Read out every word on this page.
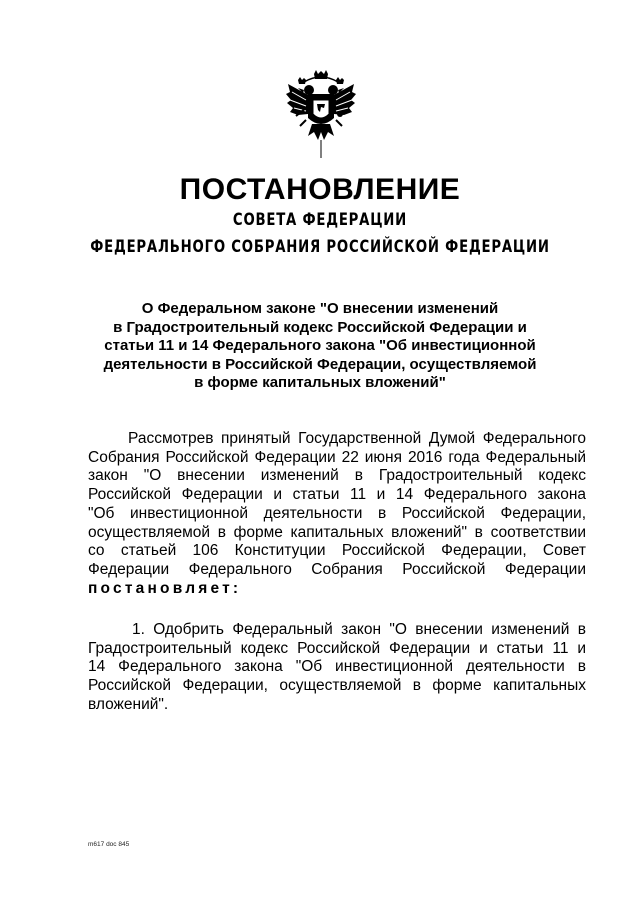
ПОСТАНОВЛЕНИЕ
СОВЕТА ФЕДЕРАЦИИ
ФЕДЕРАЛЬНОГО СОБРАНИЯ РОССИЙСКОЙ ФЕДЕРАЦИИ
О Федеральном законе "О внесении изменений
в Градостроительный кодекс Российской Федерации и
статьи 11 и 14 Федерального закона "Об инвестиционной
деятельности в Российской Федерации, осуществляемой
в форме капитальных вложений"
Рассмотрев принятый Государственной Думой Федерального
Собрания Российской Федерации 22 июня 2016 года Федеральный
закон "О внесении изменений в Градостроительный кодекс
Российской Федерации и статьи 11 и 14 Федерального закона
"Об инвестиционной деятельности в Российской Федерации,
осуществляемой в форме капитальных вложений" в соответствии
со статьей 106 Конституции Российской Федерации, Совет
Федерации Федерального Собрания Российской Федерации
постановляет:
1. Одобрить Федеральный закон "О внесении изменений в
Градостроительный кодекс Российской Федерации и статьи 11 и
14 Федерального закона "Об инвестиционной деятельности в
Российской Федерации, осуществляемой в форме капитальных
вложений".
m617 doc 845
